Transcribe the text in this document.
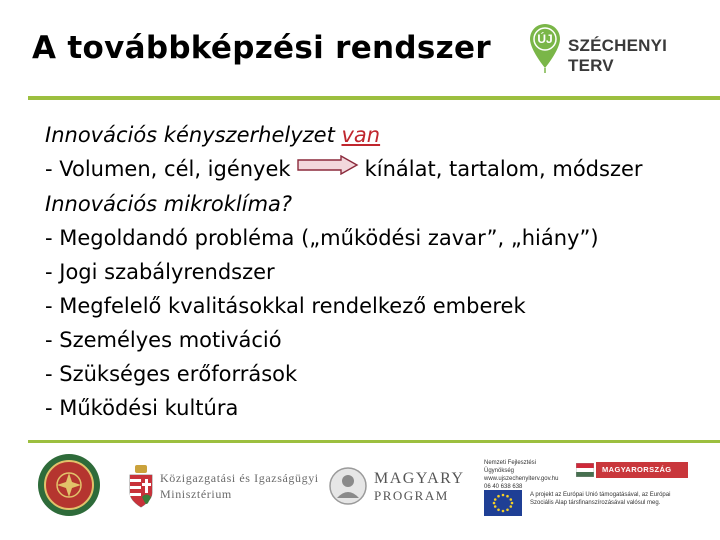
A továbbképzési rendszer	ÚJ SZÉCHENYI TERV
Innovációs kényszerhelyzet van
- Volumen, cél, igények	kínálat, tartalom, módszer
Innovációs mikroklíma?
- Megoldandó probléma („működési zavar”, „hiány”)
- Jogi szabályrendszer
- Megfelelő kvalitásokkal rendelkező emberek
- Személyes motiváció
- Szükséges erőforrások
- Működési kultúra
Közigazgatási és Igazságügyi
Minisztérium
MAGYARY
PROGRAM
Nemzeti Fejlesztési Ügynökség www.ujszechenyiterv.gov.hu 06 40 638 638
MAGYARORSZÁG MEGÚJUL
A projekt az Európai Unió támogatásával, az Európai Szociális Alap társfinanszírozásával valósul meg.
